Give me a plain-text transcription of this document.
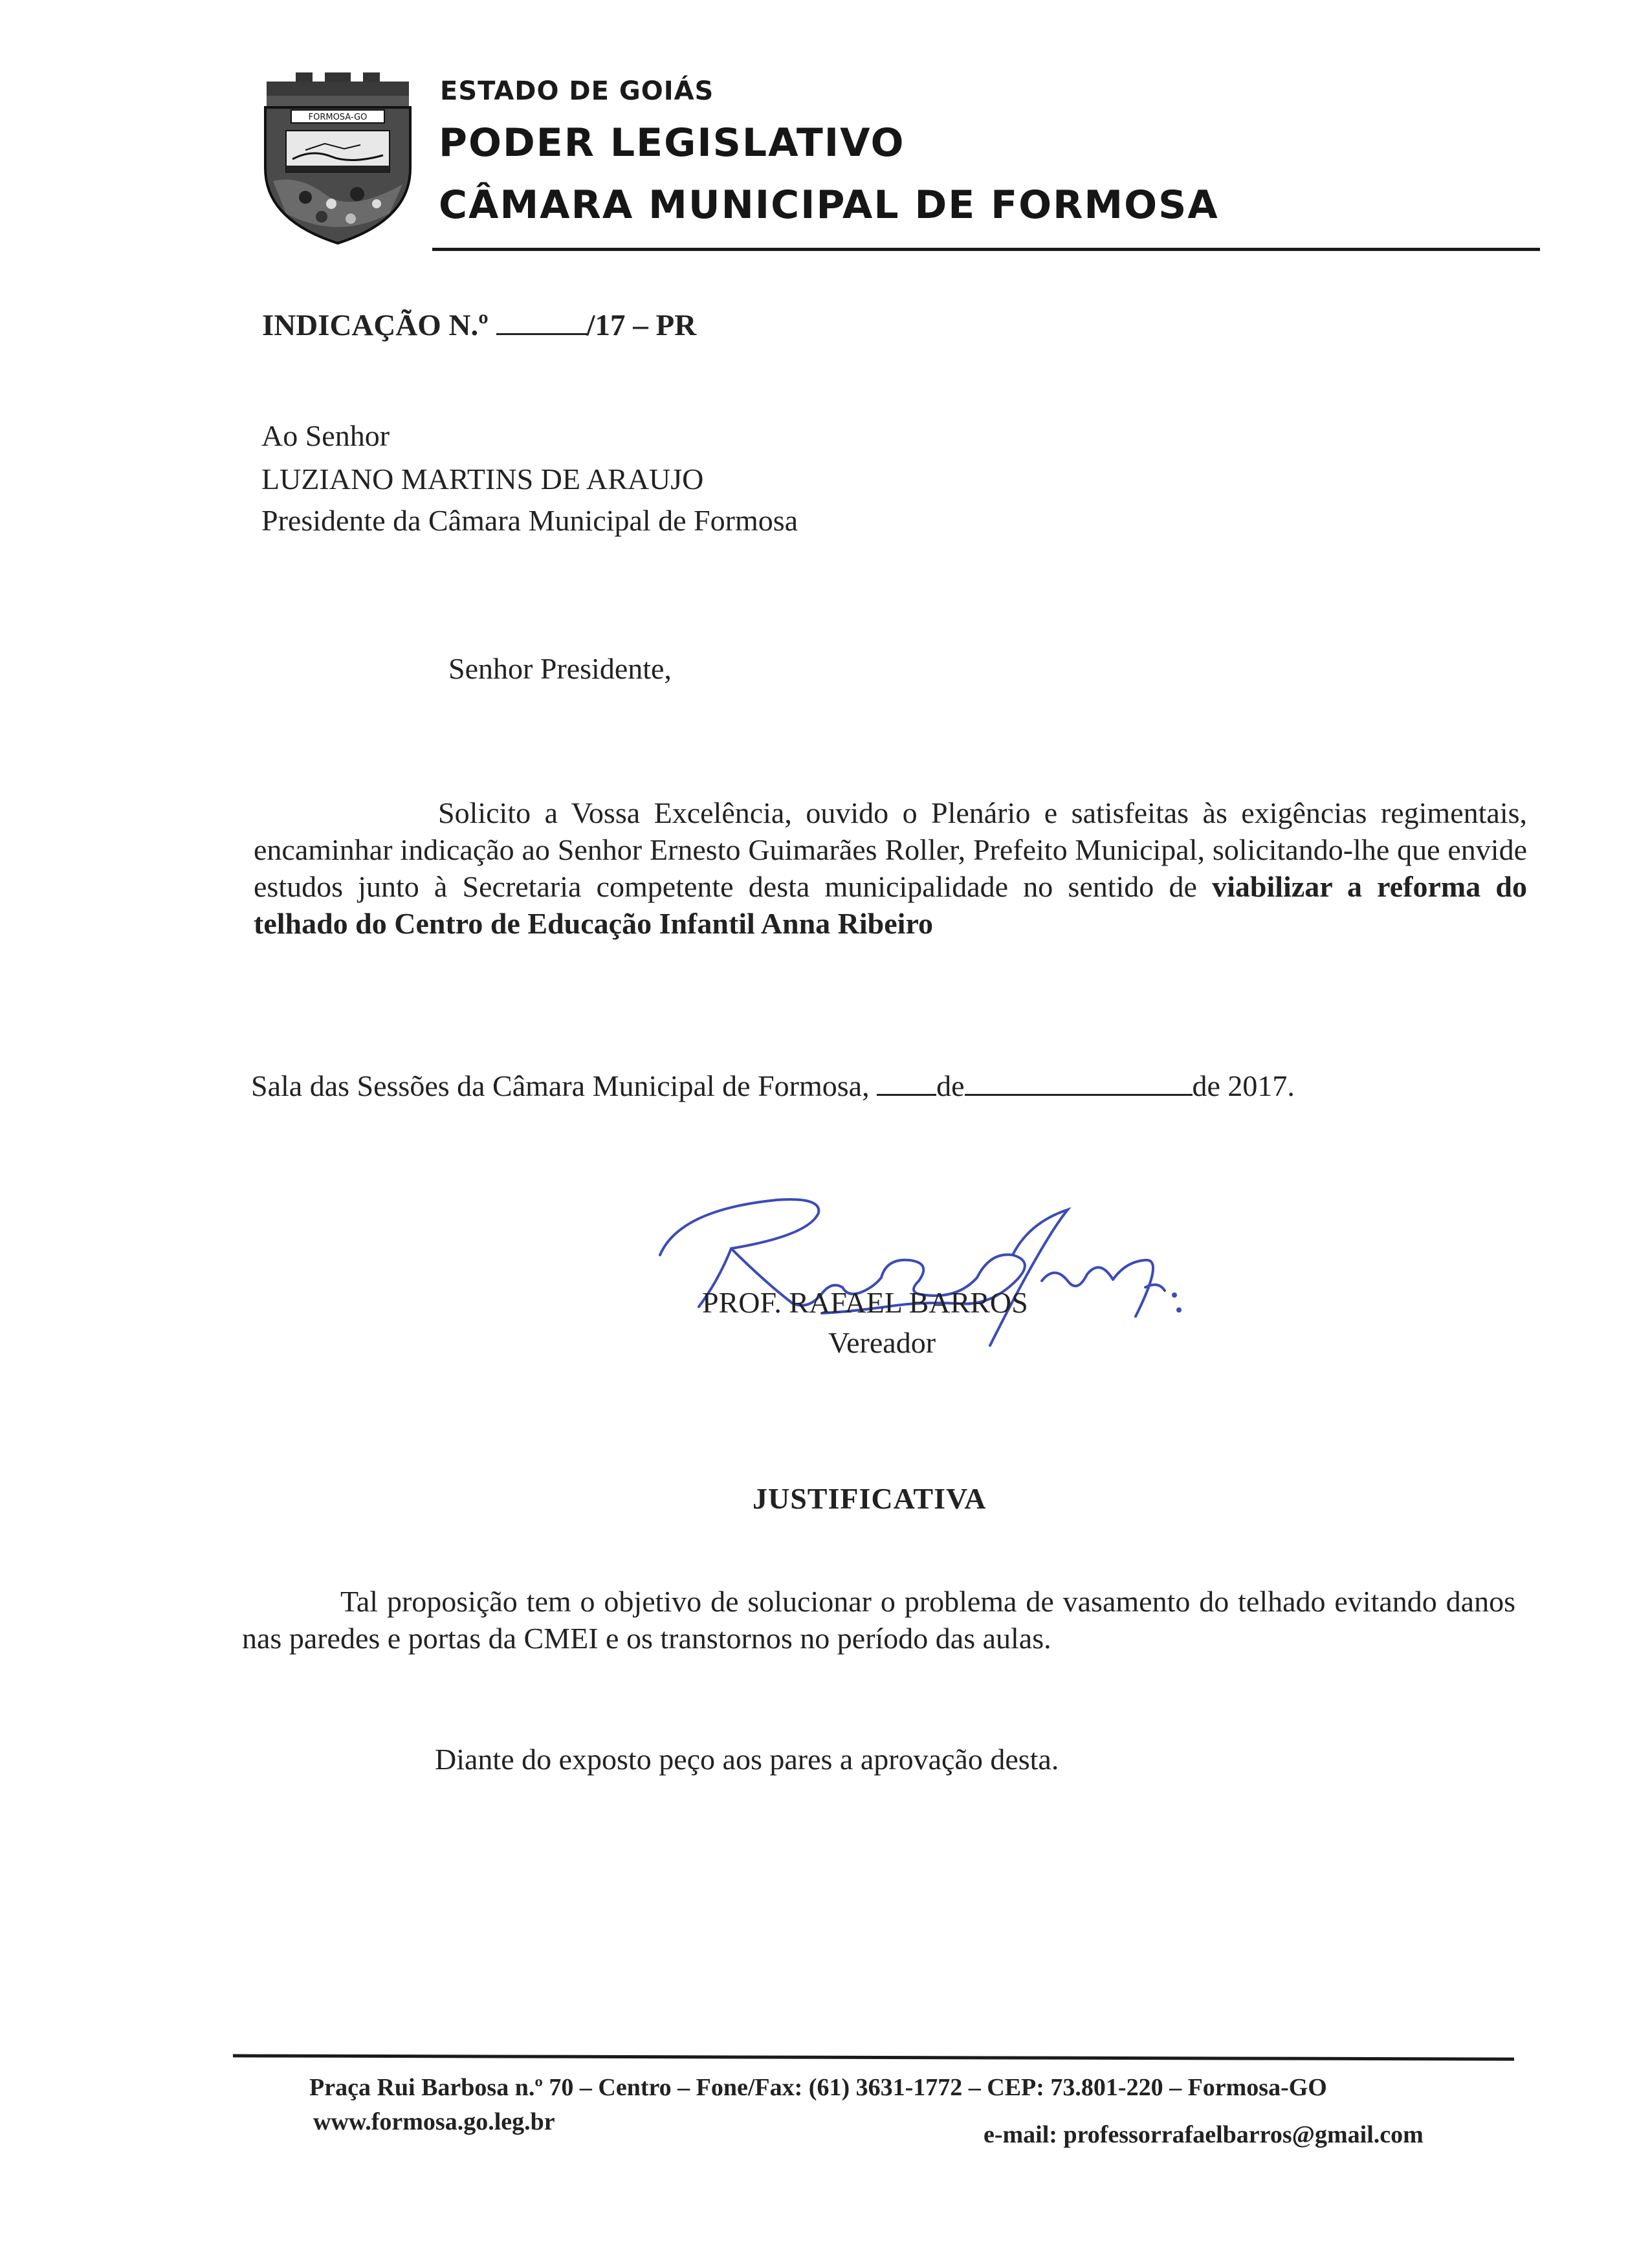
FORMOSA-GO
ESTADO DE GOIÁS
PODER LEGISLATIVO
CÂMARA MUNICIPAL DE FORMOSA
INDICAÇÃO N.º	/17 – PR
Ao Senhor
LUZIANO MARTINS DE ARAUJO
Presidente da Câmara Municipal de Formosa
Senhor Presidente,
Solicito a Vossa Excelência, ouvido o Plenário e satisfeitas às exigências regimentais, encaminhar indicação ao Senhor Ernesto Guimarães Roller, Prefeito Municipal, solicitando-lhe que envide estudos junto à Secretaria competente desta municipalidade no sentido de viabilizar a reforma do telhado do Centro de Educação Infantil Anna Ribeiro
Sala das Sessões da Câmara Municipal de Formosa, de	de 2017.
PROF. RAFAEL BARROS
Vereador
JUSTIFICATIVA
Tal proposição tem o objetivo de solucionar o problema de vasamento do telhado evitando danos nas paredes e portas da CMEI e os transtornos no período das aulas.
Diante do exposto peço aos pares a aprovação desta.
Praça Rui Barbosa n.º 70 – Centro – Fone/Fax: (61) 3631-1772 – CEP: 73.801-220 – Formosa-GO
www.formosa.go.leg.br	e-mail: professorrafaelbarros@gmail.com
